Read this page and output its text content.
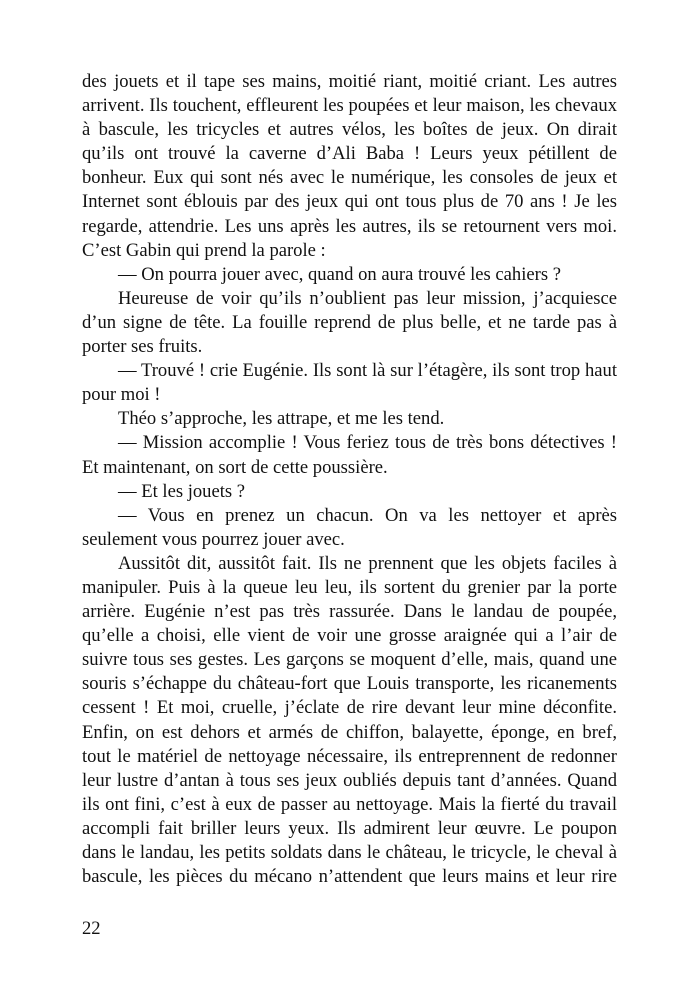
des jouets et il tape ses mains, moitié riant, moitié criant. Les autres arrivent. Ils touchent, effleurent les poupées et leur maison, les chevaux à bascule, les tricycles et autres vélos, les boîtes de jeux. On dirait qu’ils ont trouvé la caverne d’Ali Baba ! Leurs yeux pétillent de bonheur. Eux qui sont nés avec le numérique, les consoles de jeux et Internet sont éblouis par des jeux qui ont tous plus de 70 ans ! Je les regarde, attendrie. Les uns après les autres, ils se retournent vers moi. C’est Gabin qui prend la parole :

— On pourra jouer avec, quand on aura trouvé les cahiers ?

Heureuse de voir qu’ils n’oublient pas leur mission, j’acquiesce d’un signe de tête. La fouille reprend de plus belle, et ne tarde pas à porter ses fruits.

— Trouvé ! crie Eugénie. Ils sont là sur l’étagère, ils sont trop haut pour moi !

Théo s’approche, les attrape, et me les tend.

— Mission accomplie ! Vous feriez tous de très bons détectives ! Et maintenant, on sort de cette poussière.

— Et les jouets ?

— Vous en prenez un chacun. On va les nettoyer et après seulement vous pourrez jouer avec.

Aussitôt dit, aussitôt fait. Ils ne prennent que les objets faciles à manipuler. Puis à la queue leu leu, ils sortent du grenier par la porte arrière. Eugénie n’est pas très rassurée. Dans le landau de poupée, qu’elle a choisi, elle vient de voir une grosse araignée qui a l’air de suivre tous ses gestes. Les garçons se moquent d’elle, mais, quand une souris s’échappe du château-fort que Louis transporte, les ricanements cessent ! Et moi, cruelle, j’éclate de rire devant leur mine déconfite. Enfin, on est dehors et armés de chiffon, balayette, éponge, en bref, tout le matériel de nettoyage nécessaire, ils entreprennent de redonner leur lustre d’antan à tous ses jeux oubliés depuis tant d’années. Quand ils ont fini, c’est à eux de passer au nettoyage. Mais la fierté du travail accompli fait briller leurs yeux. Ils admirent leur œuvre. Le poupon dans le landau, les petits soldats dans le château, le tricycle, le cheval à bascule, les pièces du mécano n’attendent que leurs mains et leur rire

22
